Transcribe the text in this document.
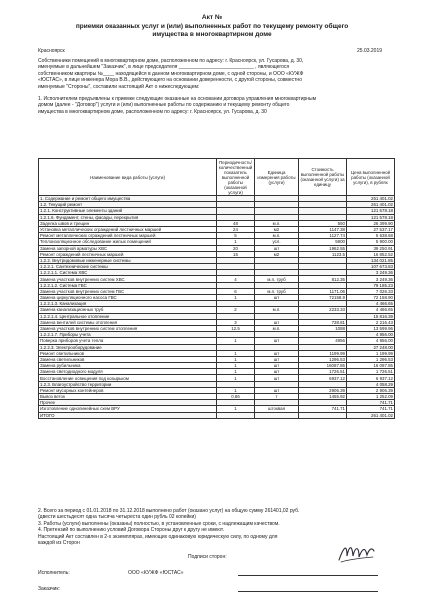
Акт №
приемки оказанных услуг и (или) выполненных работ по текущему ремонту общего имущества в многоквартирном доме
Красноярск	25.03.2019
Собственники помещений в многоквартирном доме, расположенном по адресу: г. Красноярск, ул. Гусарова, д. 30,
именуемые в дальнейшем "Заказчик", в лице председателя ___________________________ , являющегося
собственником квартиры №____ находящейся в данном многоквартирном доме, с одной стороны, и ООО «КУЖФ
«ЮСТАС», в лице инженера Мора В.В., действующего на основании доверенности, с другой стороны, совместно
именуемые "Стороны", составили настоящий Акт о нижеследующем:
1. Исполнителем предъявлены к приемке следующие оказанные на основании договора управления многоквартирным
домом (далее - "Договор") услуги и (или) выполненные работы по содержанию и текущему ремонту общего
имущества в многоквартирном доме, расположенном по адресу: г. Красноярск, ул. Гусарова, д. 30
Наименование вида работы (услуги)	Периодичность/количественный показатель выполненной работы (оказанной услуги)	Единица измерения работы (услуги)	Стоимость выполненной работы (оказанной услуги) за единицу	Цена выполненной работы (оказанной услуги), в рублях
1. Содержание и ремонт общего имущества				261 401.02
1.2. Текущий ремонт				261 401.02
1.2.1. Конструктивные элементы зданий				121 578.18
1.2.1.6. Фундамент, стены, фасады, перекрытия				121 578.18
Заделка швов и трещин	48	м.п.	550	26 399.90
Установка металлических ограждений лестничных маршей	24	м2	1147.38	27 537.17
Ремонт металлических ограждений лестничных маршей	5	м.п.	1127.74	5 638.68
Теплоизоляционное обследование жилых помещений	1	усл.	5900	5 900.00
Замена запорной арматуры ХВС	20	шт	1962.55	39 250.91
Ремонт ограждений лестничных маршей	15	м2	1123.5	16 852.52
1.2.2. Внутридомовые инженерные системы				134 021.85
1.2.2.1. Сантехнические системы				107 673.83
1.2.2.1.1. Система ХВС				3 249.36
Замена участков внутренних систем ХВС	4	м.п. труб	812.35	3 249.36
1.2.2.1.2. Система ГВС				79 185.23
Замена участков внутренних систем ГВС	6	м.п. труб	1171.06	7 026.33
Замена циркуляционного насоса ГВС	1	шт	72158.9	72 158.90
1.2.2.1.3. Канализация				4 466.65
Замена канализационных труб	2	м.п.	2233.33	4 466.65
1.2.2.1.4. Центральное отопление				15 816.39
Замена вентилей системы отопления	3	шт	738.81	2 216.43
Замена участков внутренних систем отопления	12.5	м.п.	1088	13 599.96
1.2.2.1.7. Приборы учета				4 956.00
Поверка приборов учета тепла	1	шт	4956	4 956.00
1.2.2.3. Электрооборудование				27 248.00
Ремонт светильников	1	шт	1199.99	1 199.99
Замена светильников	1	шт	1296.53	1 296.53
Замена рубильника	1	шт	16087.85	16 087.85
Замена светодиодного модуля	1	шт	1726.51	1 726.51
Восстановление освещения под козырьком	1	шт	6937.12	6 937.12
1.2.3. Благоустройство территории				4 058.29
Ремонт мусорных контейнеров	1	шт	2906.39	2 906.39
Вывоз веток	0.86	т	1455.92	1 252.09
Прочее				741.71
Изготовление однолинейных схем ВРУ	1	штоквая	741.71	741.71
ИТОГО				261 401.02
2. Всего за период с 01.01.2018 по 31.12.2018 выполнено работ (оказано услуг) на общую сумму 261401,02 руб.
(двести шестьдесят одна тысяча четыреста один рубль 02 копейки)
3. Работы (услуги) выполнены (оказаны) полностью, в установленные сроки, с надлежащим качеством.
4. Претензий по выполнению условий Договора Стороны друг к другу не имеют.
Настоящий Акт составлен в 2-х экземплярах, имеющих одинаковую юридическую силу, по одному для
каждой из Сторон
Подписи сторон:
Исполнитель:	ООО «КУЖФ «ЮСТАС»
Заказчик:
